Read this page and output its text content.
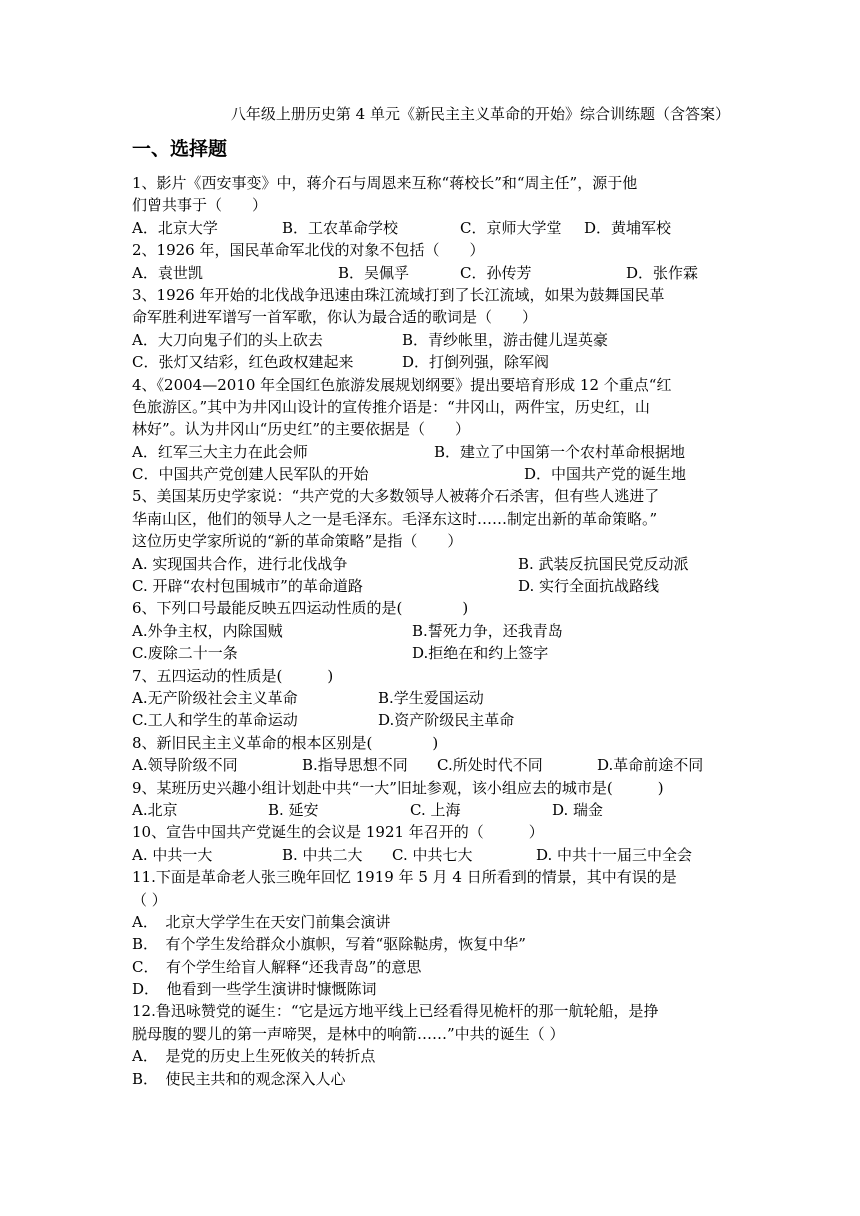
八年级上册历史第 4 单元《新民主主义革命的开始》综合训练题（含答案）
一、选择题
1、影片《西安事变》中，蒋介石与周恩来互称“蒋校长”和“周主任”，源于他
们曾共事于（　　）
A．北京大学	B．工农革命学校	C．京师大学堂 D．黄埔军校
2、1926 年，国民革命军北伐的对象不包括（　　）
A．袁世凯	B．吴佩孚	C．孙传芳	D．张作霖
3、1926 年开始的北伐战争迅速由珠江流域打到了长江流域，如果为鼓舞国民革
命军胜利进军谱写一首军歌，你认为最合适的歌词是（　　）
A．大刀向鬼子们的头上砍去	B．青纱帐里，游击健儿逞英豪
C．张灯又结彩，红色政权建起来	D．打倒列强，除军阀
4、《2004—2010 年全国红色旅游发展规划纲要》提出要培育形成 12 个重点“红
色旅游区。”其中为井冈山设计的宣传推介语是：“井冈山，两件宝，历史红，山
林好”。认为井冈山“历史红”的主要依据是（　　）
A．红军三大主力在此会师	B．建立了中国第一个农村革命根据地
C．中国共产党创建人民军队的开始	D．中国共产党的诞生地
5、美国某历史学家说：“共产党的大多数领导人被蒋介石杀害，但有些人逃进了
华南山区，他们的领导人之一是毛泽东。毛泽东这时……制定出新的革命策略。”
这位历史学家所说的“新的革命策略”是指（　　）
A. 实现国共合作，进行北伐战争	B. 武装反抗国民党反动派
C. 开辟“农村包围城市”的革命道路	D. 实行全面抗战路线
6、下列口号最能反映五四运动性质的是(　　　　)
A.外争主权，内除国贼	B.誓死力争，还我青岛
C.废除二十一条	D.拒绝在和约上签字
7、五四运动的性质是(　　　)
A.无产阶级社会主义革命	B.学生爱国运动
C.工人和学生的革命运动	D.资产阶级民主革命
8、新旧民主主义革命的根本区别是(　　　　)
A.领导阶级不同	B.指导思想不同 C.所处时代不同	D.革命前途不同
9、某班历史兴趣小组计划赴中共“一大”旧址参观，该小组应去的城市是(　　　)
A.北京	B. 延安	C. 上海	D. 瑞金
10、宣告中国共产党诞生的会议是 1921 年召开的（　　　）
A. 中共一大	B. 中共二大 C. 中共七大	D. 中共十一届三中全会
11.下面是革命老人张三晚年回忆 1919 年 5 月 4 日所看到的情景，其中有误的是
（ ）
A．　北京大学学生在天安门前集会演讲
B．　有个学生发给群众小旗帜，写着“驱除鞑虏，恢复中华”
C．　有个学生给盲人解释“还我青岛”的意思
D．　他看到一些学生演讲时慷慨陈词
12.鲁迅咏赞党的诞生：“它是远方地平线上已经看得见桅杆的那一航轮船，是挣
脱母腹的婴儿的第一声啼哭，是林中的响箭……”中共的诞生（ ）
A．　是党的历史上生死攸关的转折点
B．　使民主共和的观念深入人心
